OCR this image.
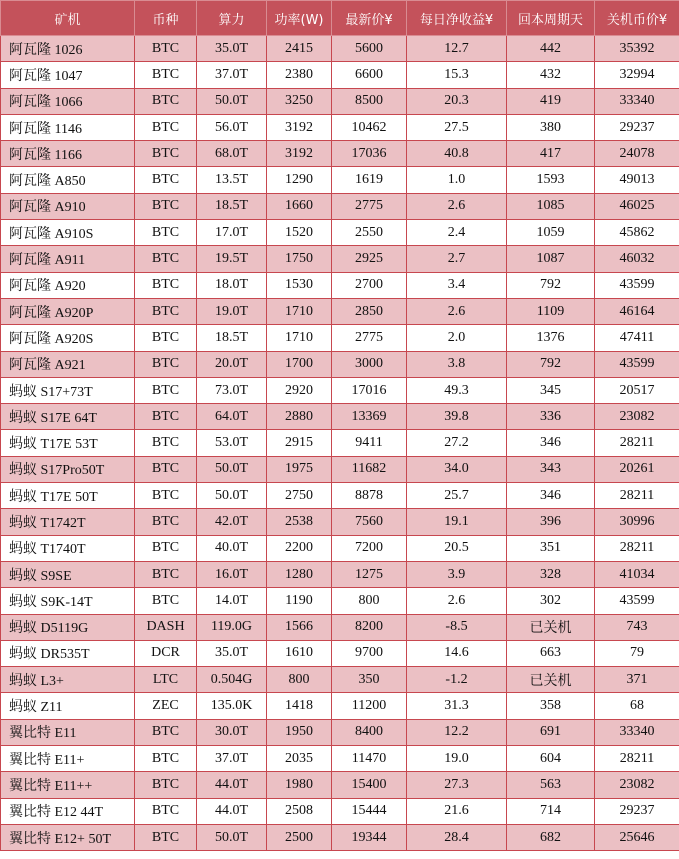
矿机	币种	算力	功率(W)	最新价¥	每日净收益¥	回本周期天	关机币价¥
阿瓦隆 1026	BTC	35.0T	2415	5600	12.7	442	35392
阿瓦隆 1047	BTC	37.0T	2380	6600	15.3	432	32994
阿瓦隆 1066	BTC	50.0T	3250	8500	20.3	419	33340
阿瓦隆 1146	BTC	56.0T	3192	10462	27.5	380	29237
阿瓦隆 1166	BTC	68.0T	3192	17036	40.8	417	24078
阿瓦隆 A850	BTC	13.5T	1290	1619	1.0	1593	49013
阿瓦隆 A910	BTC	18.5T	1660	2775	2.6	1085	46025
阿瓦隆 A910S	BTC	17.0T	1520	2550	2.4	1059	45862
阿瓦隆 A911	BTC	19.5T	1750	2925	2.7	1087	46032
阿瓦隆 A920	BTC	18.0T	1530	2700	3.4	792	43599
阿瓦隆 A920P	BTC	19.0T	1710	2850	2.6	1109	46164
阿瓦隆 A920S	BTC	18.5T	1710	2775	2.0	1376	47411
阿瓦隆 A921	BTC	20.0T	1700	3000	3.8	792	43599
蚂蚁 S17+73T	BTC	73.0T	2920	17016	49.3	345	20517
蚂蚁 S17E 64T	BTC	64.0T	2880	13369	39.8	336	23082
蚂蚁 T17E 53T	BTC	53.0T	2915	9411	27.2	346	28211
蚂蚁 S17Pro50T	BTC	50.0T	1975	11682	34.0	343	20261
蚂蚁 T17E 50T	BTC	50.0T	2750	8878	25.7	346	28211
蚂蚁 T1742T	BTC	42.0T	2538	7560	19.1	396	30996
蚂蚁 T1740T	BTC	40.0T	2200	7200	20.5	351	28211
蚂蚁 S9SE	BTC	16.0T	1280	1275	3.9	328	41034
蚂蚁 S9K-14T	BTC	14.0T	1190	800	2.6	302	43599
蚂蚁 D5119G	DASH	119.0G	1566	8200	-8.5	已关机	743
蚂蚁 DR535T	DCR	35.0T	1610	9700	14.6	663	79
蚂蚁 L3+	LTC	0.504G	800	350	-1.2	已关机	371
蚂蚁 Z11	ZEC	135.0K	1418	11200	31.3	358	68
翼比特 E11	BTC	30.0T	1950	8400	12.2	691	33340
翼比特 E11+	BTC	37.0T	2035	11470	19.0	604	28211
翼比特 E11++	BTC	44.0T	1980	15400	27.3	563	23082
翼比特 E12 44T	BTC	44.0T	2508	15444	21.6	714	29237
翼比特 E12+ 50T	BTC	50.0T	2500	19344	28.4	682	25646
